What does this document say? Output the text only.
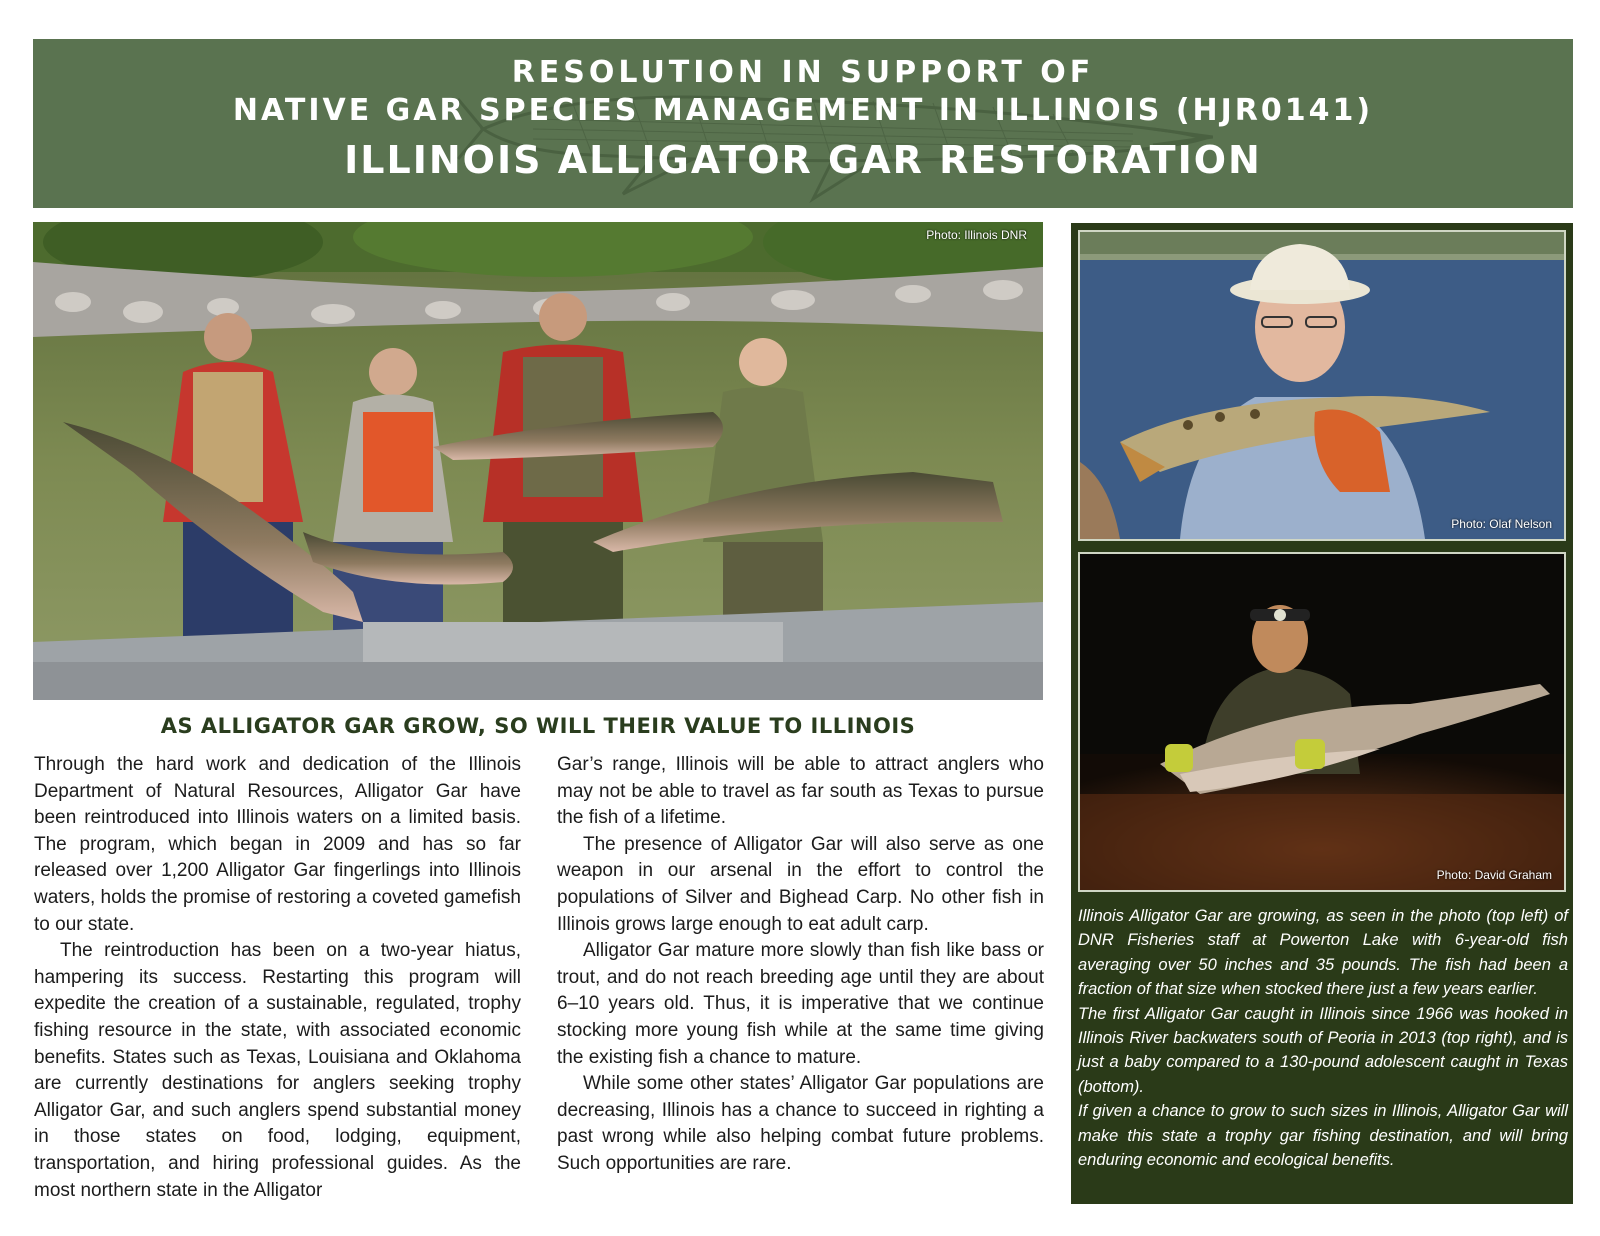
RESOLUTION IN SUPPORT OF
NATIVE GAR SPECIES MANAGEMENT IN ILLINOIS (HJR0141)
ILLINOIS ALLIGATOR GAR RESTORATION
Photo: Illinois DNR
Photo: Olaf Nelson
Photo: David Graham

Illinois Alligator Gar are growing, as seen in the photo (top left) of DNR Fisheries staff at Powerton Lake with 6-year-old fish averaging over 50 inches and 35 pounds. The fish had been a fraction of that size when stocked there just a few years earlier.

The first Alligator Gar caught in Illinois since 1966 was hooked in Illinois River backwaters south of Peoria in 2013 (top right), and is just a baby compared to a 130-pound adolescent caught in Texas (bottom).

If given a chance to grow to such sizes in Illinois, Alligator Gar will make this state a trophy gar fishing destination, and will bring enduring economic and ecological benefits.

AS ALLIGATOR GAR GROW, SO WILL THEIR VALUE TO ILLINOIS

Through the hard work and dedication of the Illinois Department of Natural Resources, Alligator Gar have been reintroduced into Illinois waters on a limited basis. The program, which began in 2009 and has so far released over 1,200 Alligator Gar fingerlings into Illinois waters, holds the promise of restoring a coveted gamefish to our state.

The reintroduction has been on a two-year hiatus, hampering its success. Restarting this program will expedite the creation of a sustainable, regulated, trophy fishing resource in the state, with associated economic benefits. States such as Texas, Louisiana and Oklahoma are currently destinations for anglers seeking trophy Alligator Gar, and such anglers spend substantial money in those states on food, lodging, equipment, transportation, and hiring professional guides. As the most northern state in the Alligator

Gar’s range, Illinois will be able to attract anglers who may not be able to travel as far south as Texas to pursue the fish of a lifetime.

The presence of Alligator Gar will also serve as one weapon in our arsenal in the effort to control the populations of Silver and Bighead Carp. No other fish in Illinois grows large enough to eat adult carp.

Alligator Gar mature more slowly than fish like bass or trout, and do not reach breeding age until they are about 6–10 years old. Thus, it is imperative that we continue stocking more young fish while at the same time giving the existing fish a chance to mature.

While some other states’ Alligator Gar populations are decreasing, Illinois has a chance to succeed in righting a past wrong while also helping combat future problems. Such opportunities are rare.
